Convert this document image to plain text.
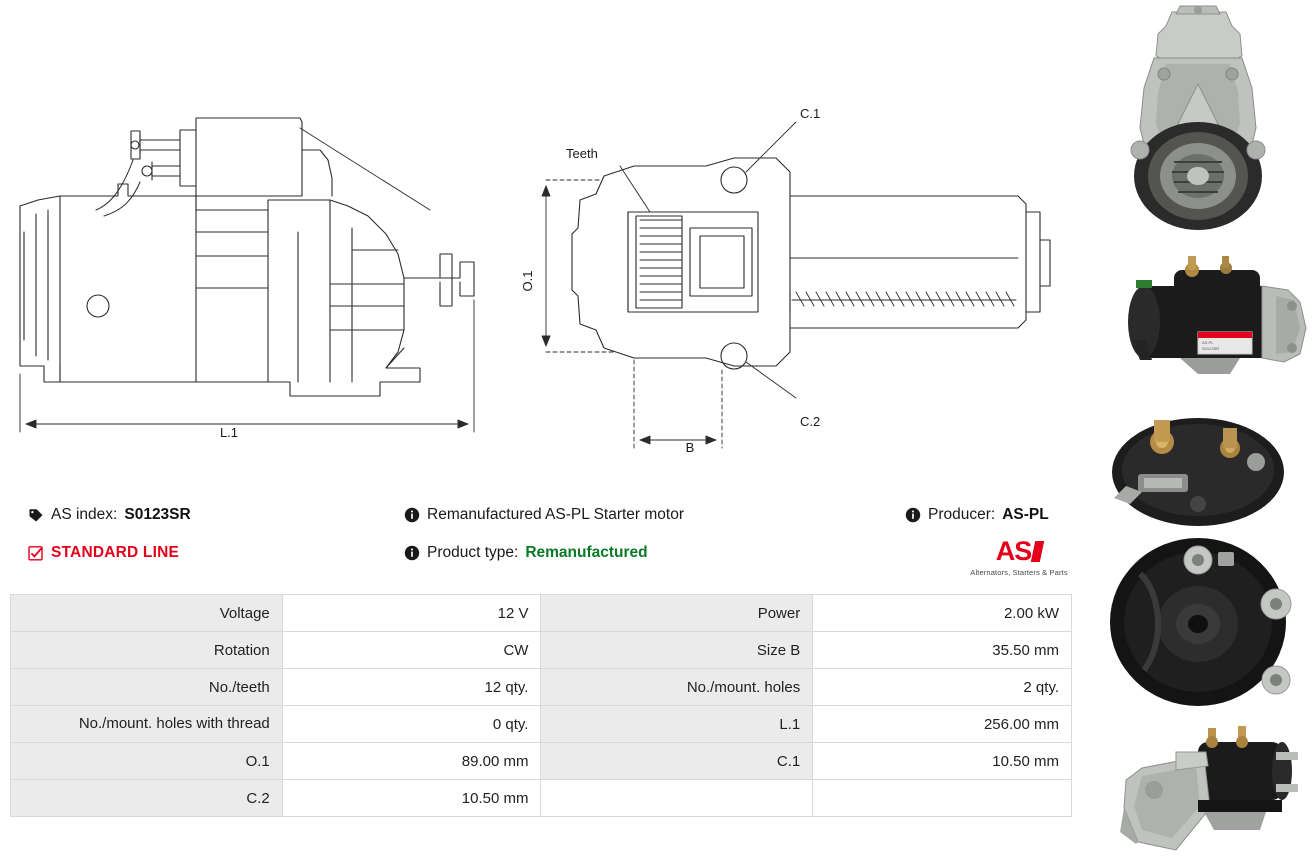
L.1
O.1
B
C.1
C.2
Teeth
AS index: S0123SR	Remanufactured AS-PL Starter motor	Producer: AS-PL
STANDARD LINE	Product type: Remanufactured	AS
Alternators, Starters & Parts
Voltage	12 V	Power	2.00 kW
Rotation	CW	Size B	35.50 mm
No./teeth	12 qty.	No./mount. holes	2 qty.
No./mount. holes with thread	0 qty.	L.1	256.00 mm
O.1	89.00 mm	C.1	10.50 mm
C.2	10.50 mm		
AS-PL
S0123SR
